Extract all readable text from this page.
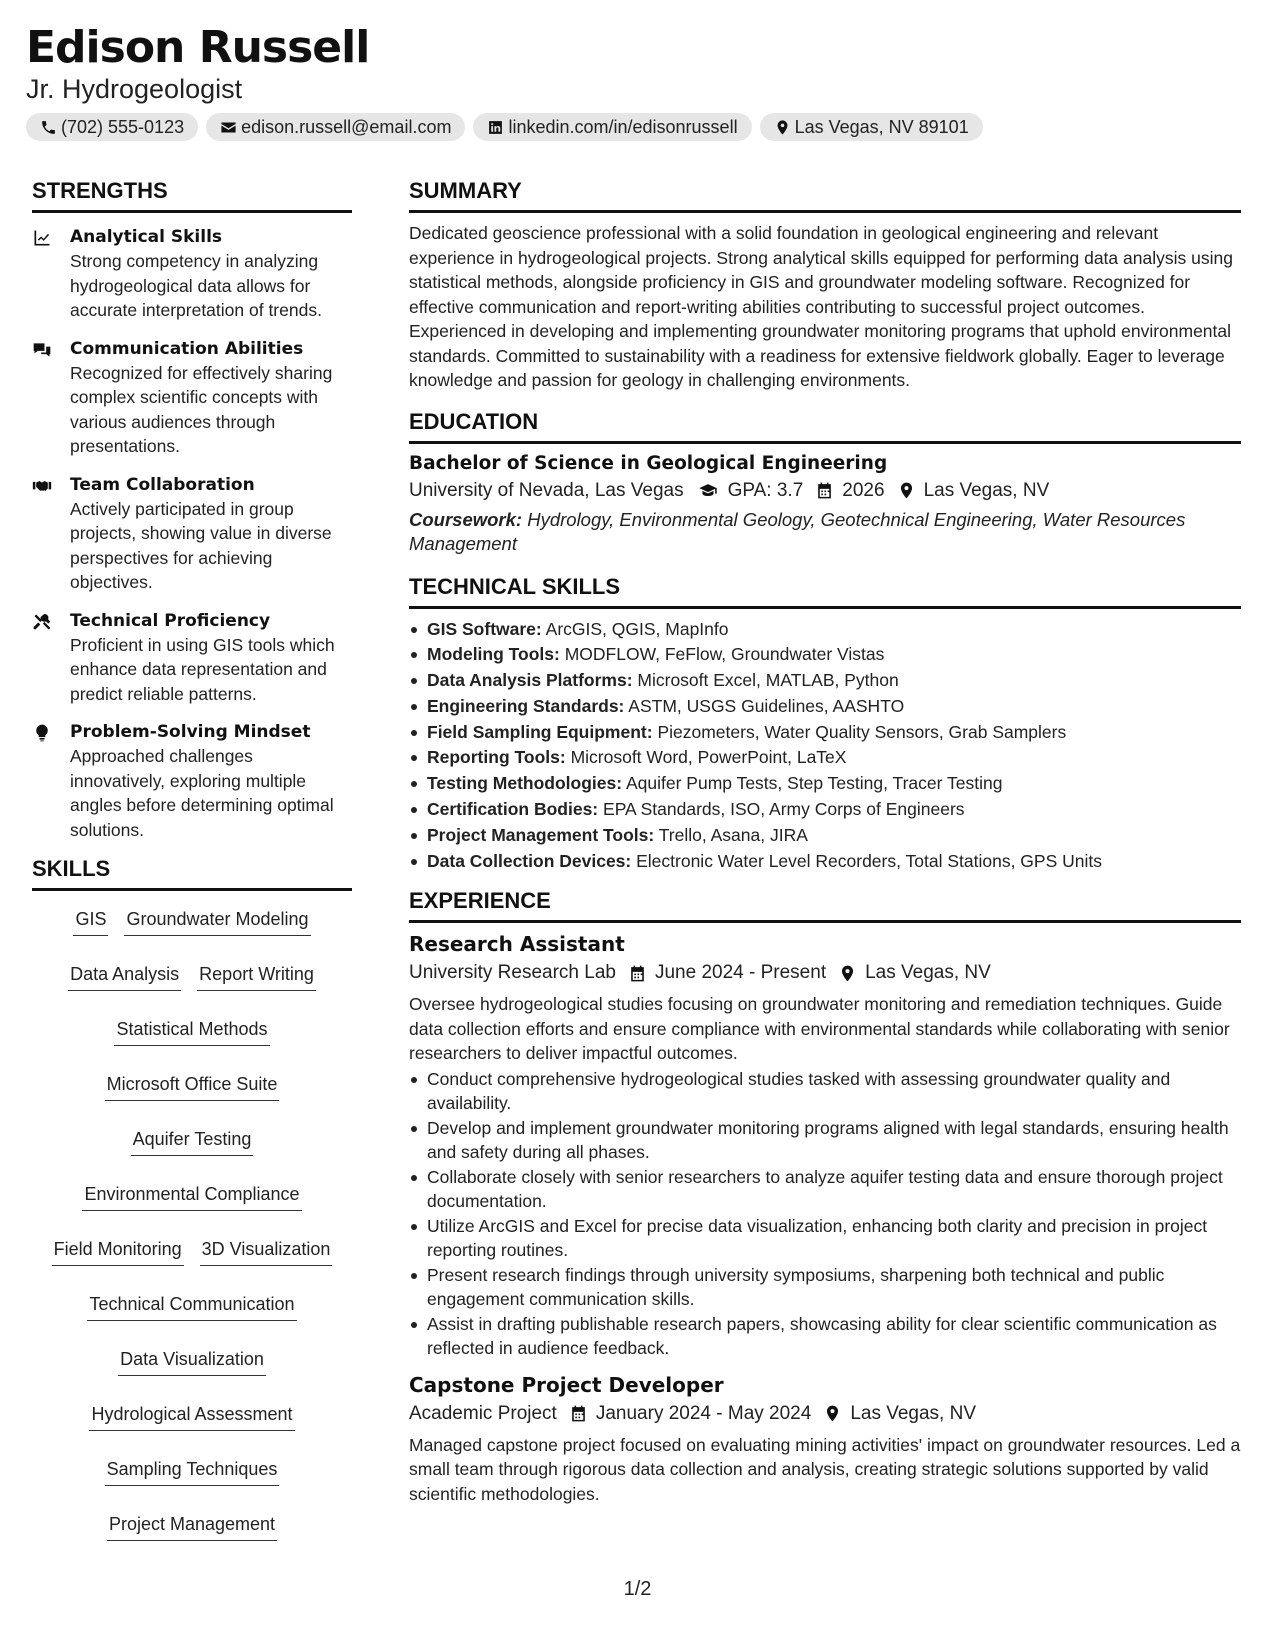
Edison Russell
Jr. Hydrogeologist
(702) 555-0123	edison.russell@email.com	linkedin.com/in/edisonrussell	Las Vegas, NV 89101
STRENGTHS
Analytical Skills
Strong competency in analyzing hydrogeological data allows for accurate interpretation of trends.
Communication Abilities
Recognized for effectively sharing complex scientific concepts with various audiences through presentations.
Team Collaboration
Actively participated in group projects, showing value in diverse perspectives for achieving objectives.
Technical Proficiency
Proficient in using GIS tools which enhance data representation and predict reliable patterns.
Problem-Solving Mindset
Approached challenges innovatively, exploring multiple angles before determining optimal solutions.
SKILLS
GIS Groundwater Modeling
Data Analysis Report Writing
Statistical Methods
Microsoft Office Suite
Aquifer Testing
Environmental Compliance
Field Monitoring 3D Visualization
Technical Communication
Data Visualization
Hydrological Assessment
Sampling Techniques
Project Management
SUMMARY
Dedicated geoscience professional with a solid foundation in geological engineering and relevant experience in hydrogeological projects. Strong analytical skills equipped for performing data analysis using statistical methods, alongside proficiency in GIS and groundwater modeling software. Recognized for effective communication and report-writing abilities contributing to successful project outcomes. Experienced in developing and implementing groundwater monitoring programs that uphold environmental standards. Committed to sustainability with a readiness for extensive fieldwork globally. Eager to leverage knowledge and passion for geology in challenging environments.
EDUCATION
Bachelor of Science in Geological Engineering
University of Nevada, Las Vegas GPA: 3.7 2026 Las Vegas, NV
Coursework: Hydrology, Environmental Geology, Geotechnical Engineering, Water Resources Management
TECHNICAL SKILLS
GIS Software: ArcGIS, QGIS, MapInfo
Modeling Tools: MODFLOW, FeFlow, Groundwater Vistas
Data Analysis Platforms: Microsoft Excel, MATLAB, Python
Engineering Standards: ASTM, USGS Guidelines, AASHTO
Field Sampling Equipment: Piezometers, Water Quality Sensors, Grab Samplers
Reporting Tools: Microsoft Word, PowerPoint, LaTeX
Testing Methodologies: Aquifer Pump Tests, Step Testing, Tracer Testing
Certification Bodies: EPA Standards, ISO, Army Corps of Engineers
Project Management Tools: Trello, Asana, JIRA
Data Collection Devices: Electronic Water Level Recorders, Total Stations, GPS Units
EXPERIENCE
Research Assistant
University Research Lab June 2024 - Present Las Vegas, NV
Oversee hydrogeological studies focusing on groundwater monitoring and remediation techniques. Guide data collection efforts and ensure compliance with environmental standards while collaborating with senior researchers to deliver impactful outcomes.
Conduct comprehensive hydrogeological studies tasked with assessing groundwater quality and availability.
Develop and implement groundwater monitoring programs aligned with legal standards, ensuring health and safety during all phases.
Collaborate closely with senior researchers to analyze aquifer testing data and ensure thorough project documentation.
Utilize ArcGIS and Excel for precise data visualization, enhancing both clarity and precision in project reporting routines.
Present research findings through university symposiums, sharpening both technical and public engagement communication skills.
Assist in drafting publishable research papers, showcasing ability for clear scientific communication as reflected in audience feedback.
Capstone Project Developer
Academic Project January 2024 - May 2024 Las Vegas, NV
Managed capstone project focused on evaluating mining activities' impact on groundwater resources. Led a small team through rigorous data collection and analysis, creating strategic solutions supported by valid scientific methodologies.
1/2
